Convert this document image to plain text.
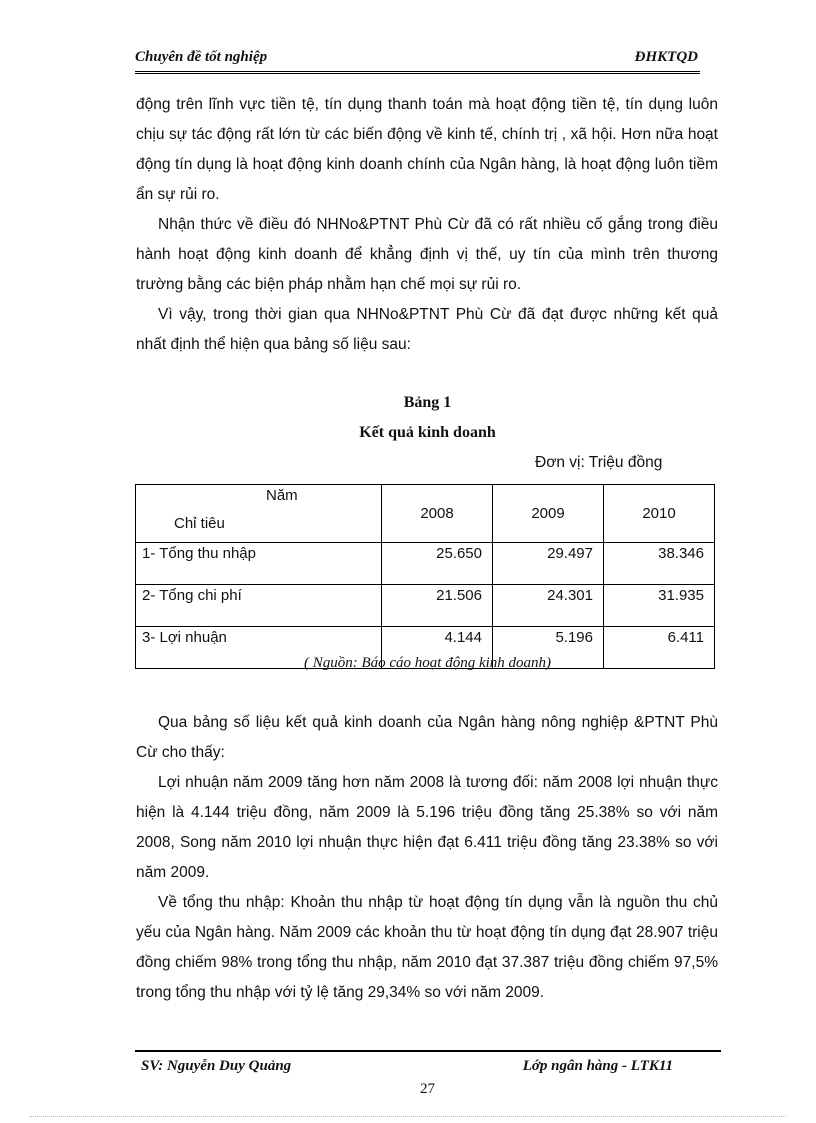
Chuyên đề tốt nghiệp	ĐHKTQD
động trên lĩnh vực tiền tệ, tín dụng thanh toán mà hoạt động tiền tệ, tín dụng luôn chịu sự tác động rất lớn từ các biến động về kinh tế, chính trị , xã hội. Hơn nữa hoạt động tín dụng là hoạt động kinh doanh chính của Ngân hàng, là hoạt động luôn tiềm ẩn sự rủi ro.
Nhận thức về điều đó NHNo&PTNT Phù Cừ đã có rất nhiều cố gắng trong điều hành hoạt động kinh doanh để khẳng định vị thế, uy tín của mình trên thương trường bằng các biện pháp nhằm hạn chế mọi sự rủi ro.
Vì vậy, trong thời gian qua NHNo&PTNT Phù Cừ đã đạt được những kết quả nhất định thể hiện qua bảng số liệu sau:
Bảng 1
Kết quả kinh doanh
Đơn vị: Triệu đồng
Năm
Chỉ tiêu	2008	2009	2010
1- Tổng thu nhập	25.650	29.497	38.346
2- Tổng chi phí	21.506	24.301	31.935
3- Lợi nhuận	4.144	5.196	6.411
( Nguồn: Báo cáo hoạt động kinh doanh)
Qua bảng số liệu kết quả kinh doanh của Ngân hàng nông nghiệp &PTNT Phù Cừ cho thấy:
Lợi nhuận năm 2009 tăng hơn năm 2008 là tương đối: năm 2008 lợi nhuận thực hiện là 4.144 triệu đồng, năm 2009 là 5.196 triệu đồng tăng 25.38% so với năm 2008, Song năm 2010 lợi nhuận thực hiện đạt 6.411 triệu đồng tăng 23.38% so với năm 2009.
Về tổng thu nhập: Khoản thu nhập từ hoạt động tín dụng vẫn là nguồn thu chủ yếu của Ngân hàng. Năm 2009 các khoản thu từ hoạt động tín dụng đạt 28.907 triệu đồng chiếm 98% trong tổng thu nhập, năm 2010 đạt 37.387 triệu đồng chiếm 97,5% trong tổng thu nhập với tỷ lệ tăng 29,34% so với năm 2009.
SV: Nguyễn Duy Quảng	Lớp ngân hàng - LTK11
27
